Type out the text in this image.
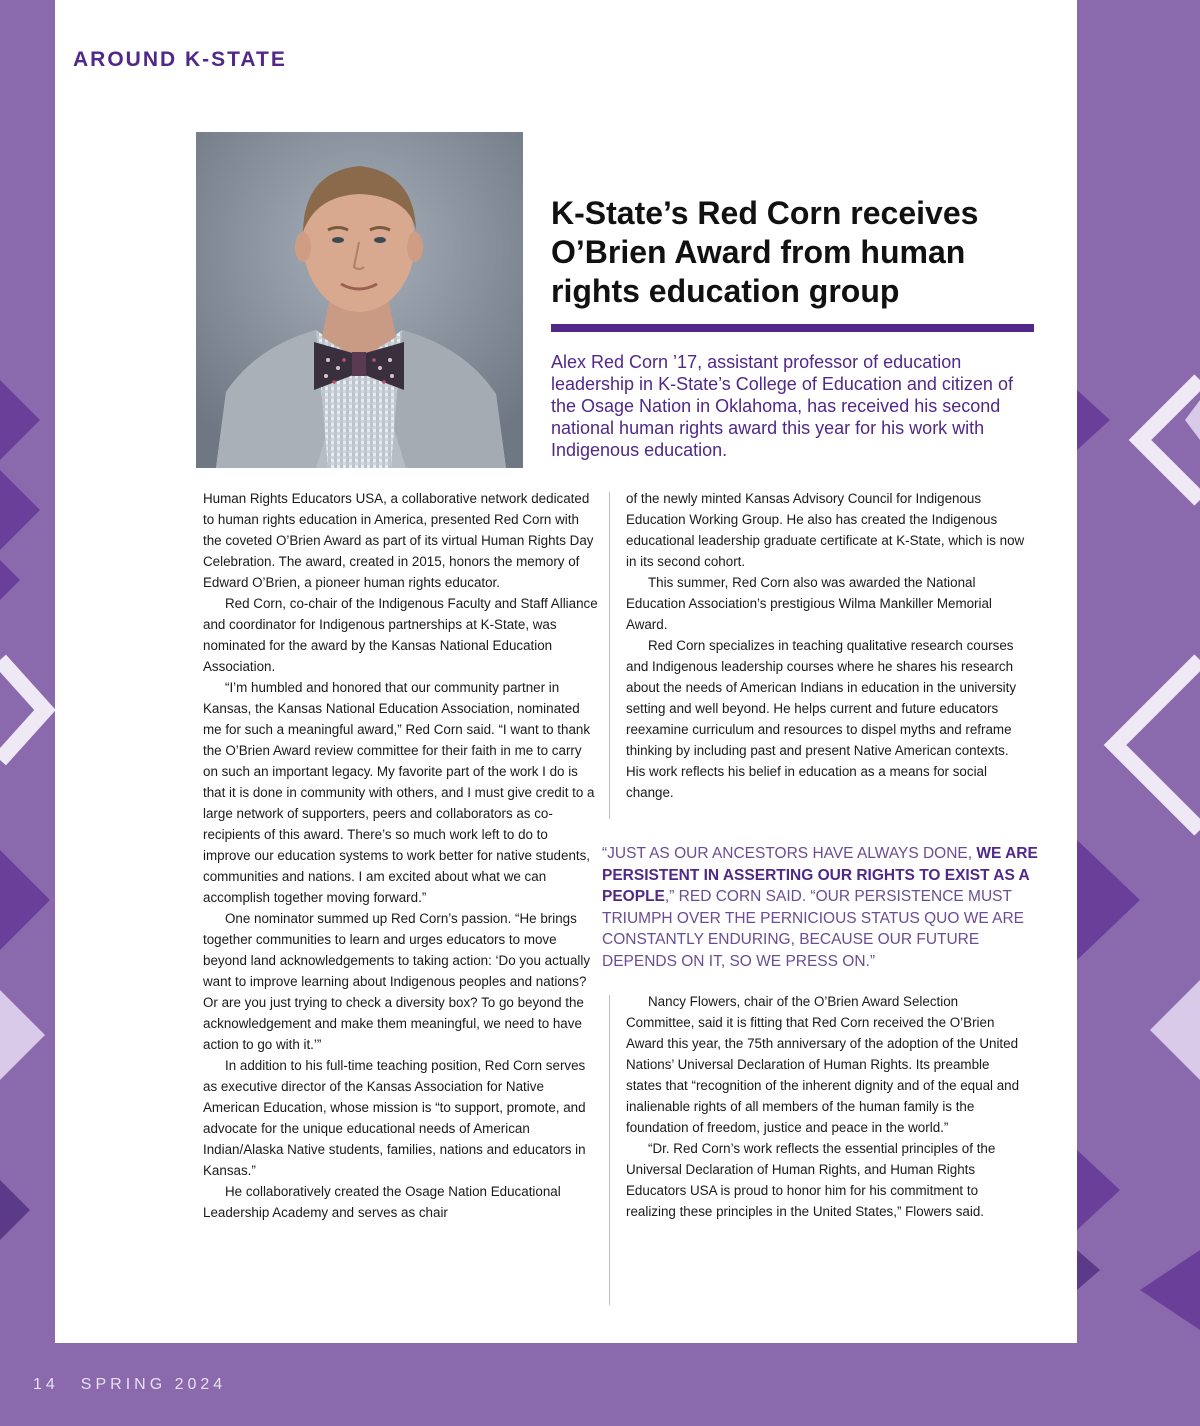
AROUND K-STATE
K-State’s Red Corn receives O’Brien Award from human rights education group

Alex Red Corn ’17, assistant professor of education leadership in K-State’s College of Education and citizen of the Osage Nation in Oklahoma, has received his second national human rights award this year for his work with Indigenous education.

Human Rights Educators USA, a collaborative network dedicated to human rights education in America, presented Red Corn with the coveted O’Brien Award as part of its virtual Human Rights Day Celebration. The award, created in 2015, honors the memory of Edward O’Brien, a pioneer human rights educator.

Red Corn, co-chair of the Indigenous Faculty and Staff Alliance and coordinator for Indigenous partnerships at K-State, was nominated for the award by the Kansas National Education Association.

“I’m humbled and honored that our community partner in Kansas, the Kansas National Education Association, nominated me for such a meaningful award,” Red Corn said. “I want to thank the O’Brien Award review committee for their faith in me to carry on such an important legacy. My favorite part of the work I do is that it is done in community with others, and I must give credit to a large network of supporters, peers and collaborators as co-recipients of this award. There’s so much work left to do to improve our education systems to work better for native students, communities and nations. I am excited about what we can accomplish together moving forward.”

One nominator summed up Red Corn’s passion. “He brings together communities to learn and urges educators to move beyond land acknowledgements to taking action: ‘Do you actually want to improve learning about Indigenous peoples and nations? Or are you just trying to check a diversity box? To go beyond the acknowledgement and make them meaningful, we need to have action to go with it.’”

In addition to his full-time teaching position, Red Corn serves as executive director of the Kansas Association for Native American Education, whose mission is “to support, promote, and advocate for the unique educational needs of American Indian/Alaska Native students, families, nations and educators in Kansas.”

He collaboratively created the Osage Nation Educational Leadership Academy and serves as chair

of the newly minted Kansas Advisory Council for Indigenous Education Working Group. He also has created the Indigenous educational leadership graduate certificate at K-State, which is now in its second cohort.

This summer, Red Corn also was awarded the National Education Association’s prestigious Wilma Mankiller Memorial Award.

Red Corn specializes in teaching qualitative research courses and Indigenous leadership courses where he shares his research about the needs of American Indians in education in the university setting and well beyond. He helps current and future educators reexamine curriculum and resources to dispel myths and reframe thinking by including past and present Native American contexts. His work reflects his belief in education as a means for social change.

“JUST AS OUR ANCESTORS HAVE ALWAYS DONE, WE ARE PERSISTENT IN ASSERTING OUR RIGHTS TO EXIST AS A PEOPLE,” RED CORN SAID. “OUR PERSISTENCE MUST TRIUMPH OVER THE PERNICIOUS STATUS QUO WE ARE CONSTANTLY ENDURING, BECAUSE OUR FUTURE DEPENDS ON IT, SO WE PRESS ON.”

Nancy Flowers, chair of the O’Brien Award Selection Committee, said it is fitting that Red Corn received the O’Brien Award this year, the 75th anniversary of the adoption of the United Nations’ Universal Declaration of Human Rights. Its preamble states that “recognition of the inherent dignity and of the equal and inalienable rights of all members of the human family is the foundation of freedom, justice and peace in the world.”

“Dr. Red Corn’s work reflects the essential principles of the Universal Declaration of Human Rights, and Human Rights Educators USA is proud to honor him for his commitment to realizing these principles in the United States,” Flowers said.

14 SPRING 2024
